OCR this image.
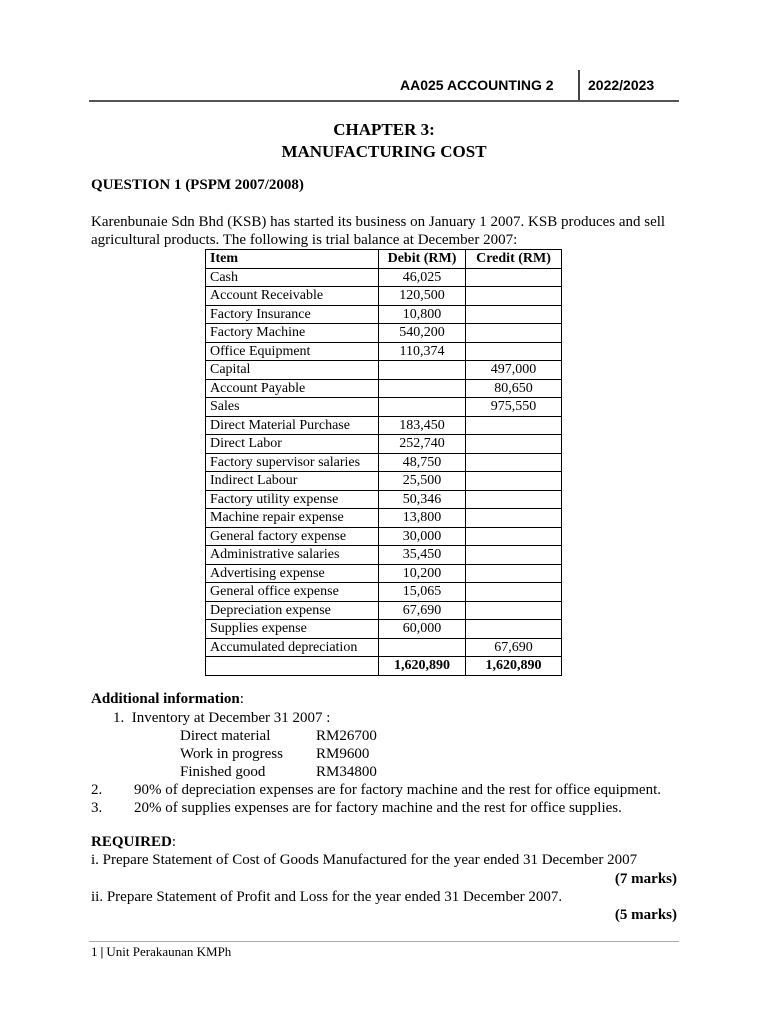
AA025 ACCOUNTING 2 2022/2023
CHAPTER 3:
MANUFACTURING COST
QUESTION 1 (PSPM 2007/2008)
Karenbunaie Sdn Bhd (KSB) has started its business on January 1 2007. KSB produces and sell
agricultural products. The following is trial balance at December 2007:
Item	Debit (RM)	Credit (RM)
Cash	46,025	
Account Receivable	120,500	
Factory Insurance	10,800	
Factory Machine	540,200	
Office Equipment	110,374	
Capital		497,000
Account Payable		80,650
Sales		975,550
Direct Material Purchase	183,450	
Direct Labor	252,740	
Factory supervisor salaries	48,750	
Indirect Labour	25,500	
Factory utility expense	50,346	
Machine repair expense	13,800	
General factory expense	30,000	
Administrative salaries	35,450	
Advertising expense	10,200	
General office expense	15,065	
Depreciation expense	67,690	
Supplies expense	60,000	
Accumulated depreciation		67,690
	1,620,890	1,620,890
Additional information:
1. Inventory at December 31 2007 :
Direct material	RM26700
Work in progress RM9600
Finished good	RM34800
2. 90% of depreciation expenses are for factory machine and the rest for office equipment.
3. 20% of supplies expenses are for factory machine and the rest for office supplies.
REQUIRED:
i. Prepare Statement of Cost of Goods Manufactured for the year ended 31 December 2007
(7 marks)
ii. Prepare Statement of Profit and Loss for the year ended 31 December 2007.
(5 marks)
1 | Unit Perakaunan KMPh
